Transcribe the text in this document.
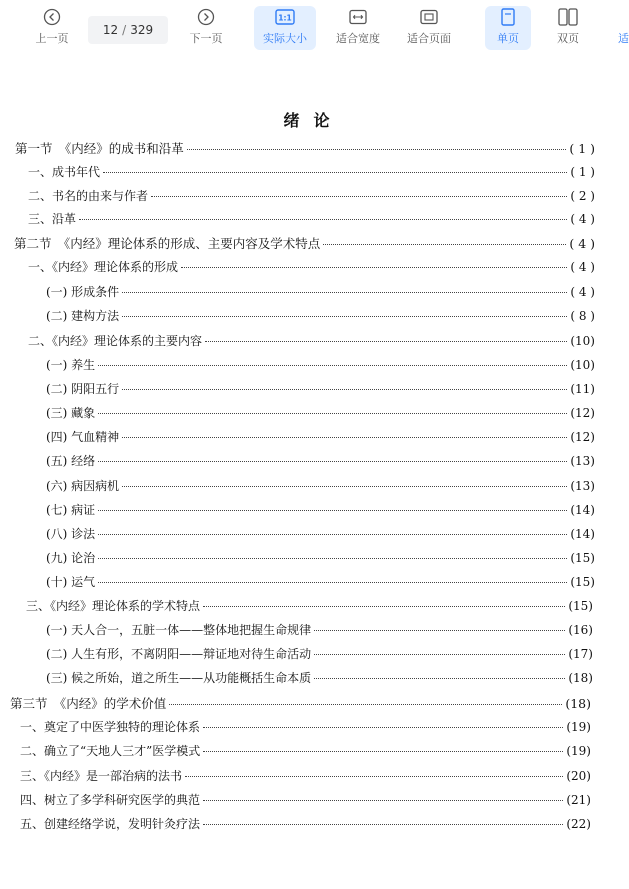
上一页
12 / 329
下一页
1:1
实际大小	适合宽度 适合页面	单页	双页	适
绪论
第一节　《内经》的成书和沿革	( 1 )
一、成书年代	( 1 )
二、书名的由来与作者	( 2 )
三、沿革	( 4 )
第二节　《内经》理论体系的形成、主要内容及学术特点	( 4 )
一、《内经》理论体系的形成	( 4 )
(一) 形成条件	( 4 )
(二) 建构方法	( 8 )
二、《内经》理论体系的主要内容	(10)
(一) 养生	(10)
(二) 阴阳五行	(11)
(三) 藏象	(12)
(四) 气血精神	(12)
(五) 经络	(13)
(六) 病因病机	(13)
(七) 病证	(14)
(八) 诊法	(14)
(九) 论治	(15)
(十) 运气	(15)
三、《内经》理论体系的学术特点	(15)
(一) 天人合一，五脏一体——整体地把握生命规律	(16)
(二) 人生有形，不离阴阳——辩证地对待生命活动	(17)
(三) 候之所始，道之所生——从功能概括生命本质	(18)
第三节　《内经》的学术价值	(18)
一、奠定了中医学独特的理论体系	(19)
二、确立了“天地人三才”医学模式	(19)
三、《内经》是一部治病的法书	(20)
四、树立了多学科研究医学的典范	(21)
五、创建经络学说，发明针灸疗法	(22)
